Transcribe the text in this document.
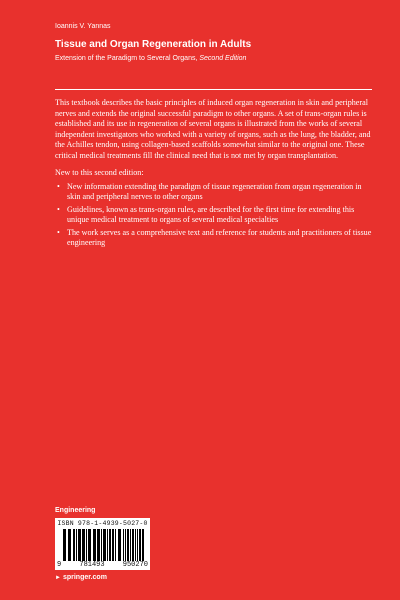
Ioannis V. Yannas
Tissue and Organ Regeneration in Adults
Extension of the Paradigm to Several Organs, Second Edition

This textbook describes the basic principles of induced organ regeneration in skin and peripheral nerves and extends the original successful paradigm to other organs. A set of trans-organ rules is established and its use in regeneration of several organs is illustrated from the works of several independent investigators who worked with a variety of organs, such as the lung, the bladder, and the Achilles tendon, using collagen-based scaffolds somewhat similar to the original one. These critical medical treatments fill the clinical need that is not met by organ transplantation.

New to this second edition:

• New information extending the paradigm of tissue regeneration from organ regeneration in skin and peripheral nerves to other organs
• Guidelines, known as trans-organ rules, are described for the first time for extending this unique medical treatment to organs of several medical specialties
• The work serves as a comprehensive text and reference for students and practitioners of tissue engineering
Engineering
ISBN 978-1-4939-5027-0
9	781493	950270
► springer.com
